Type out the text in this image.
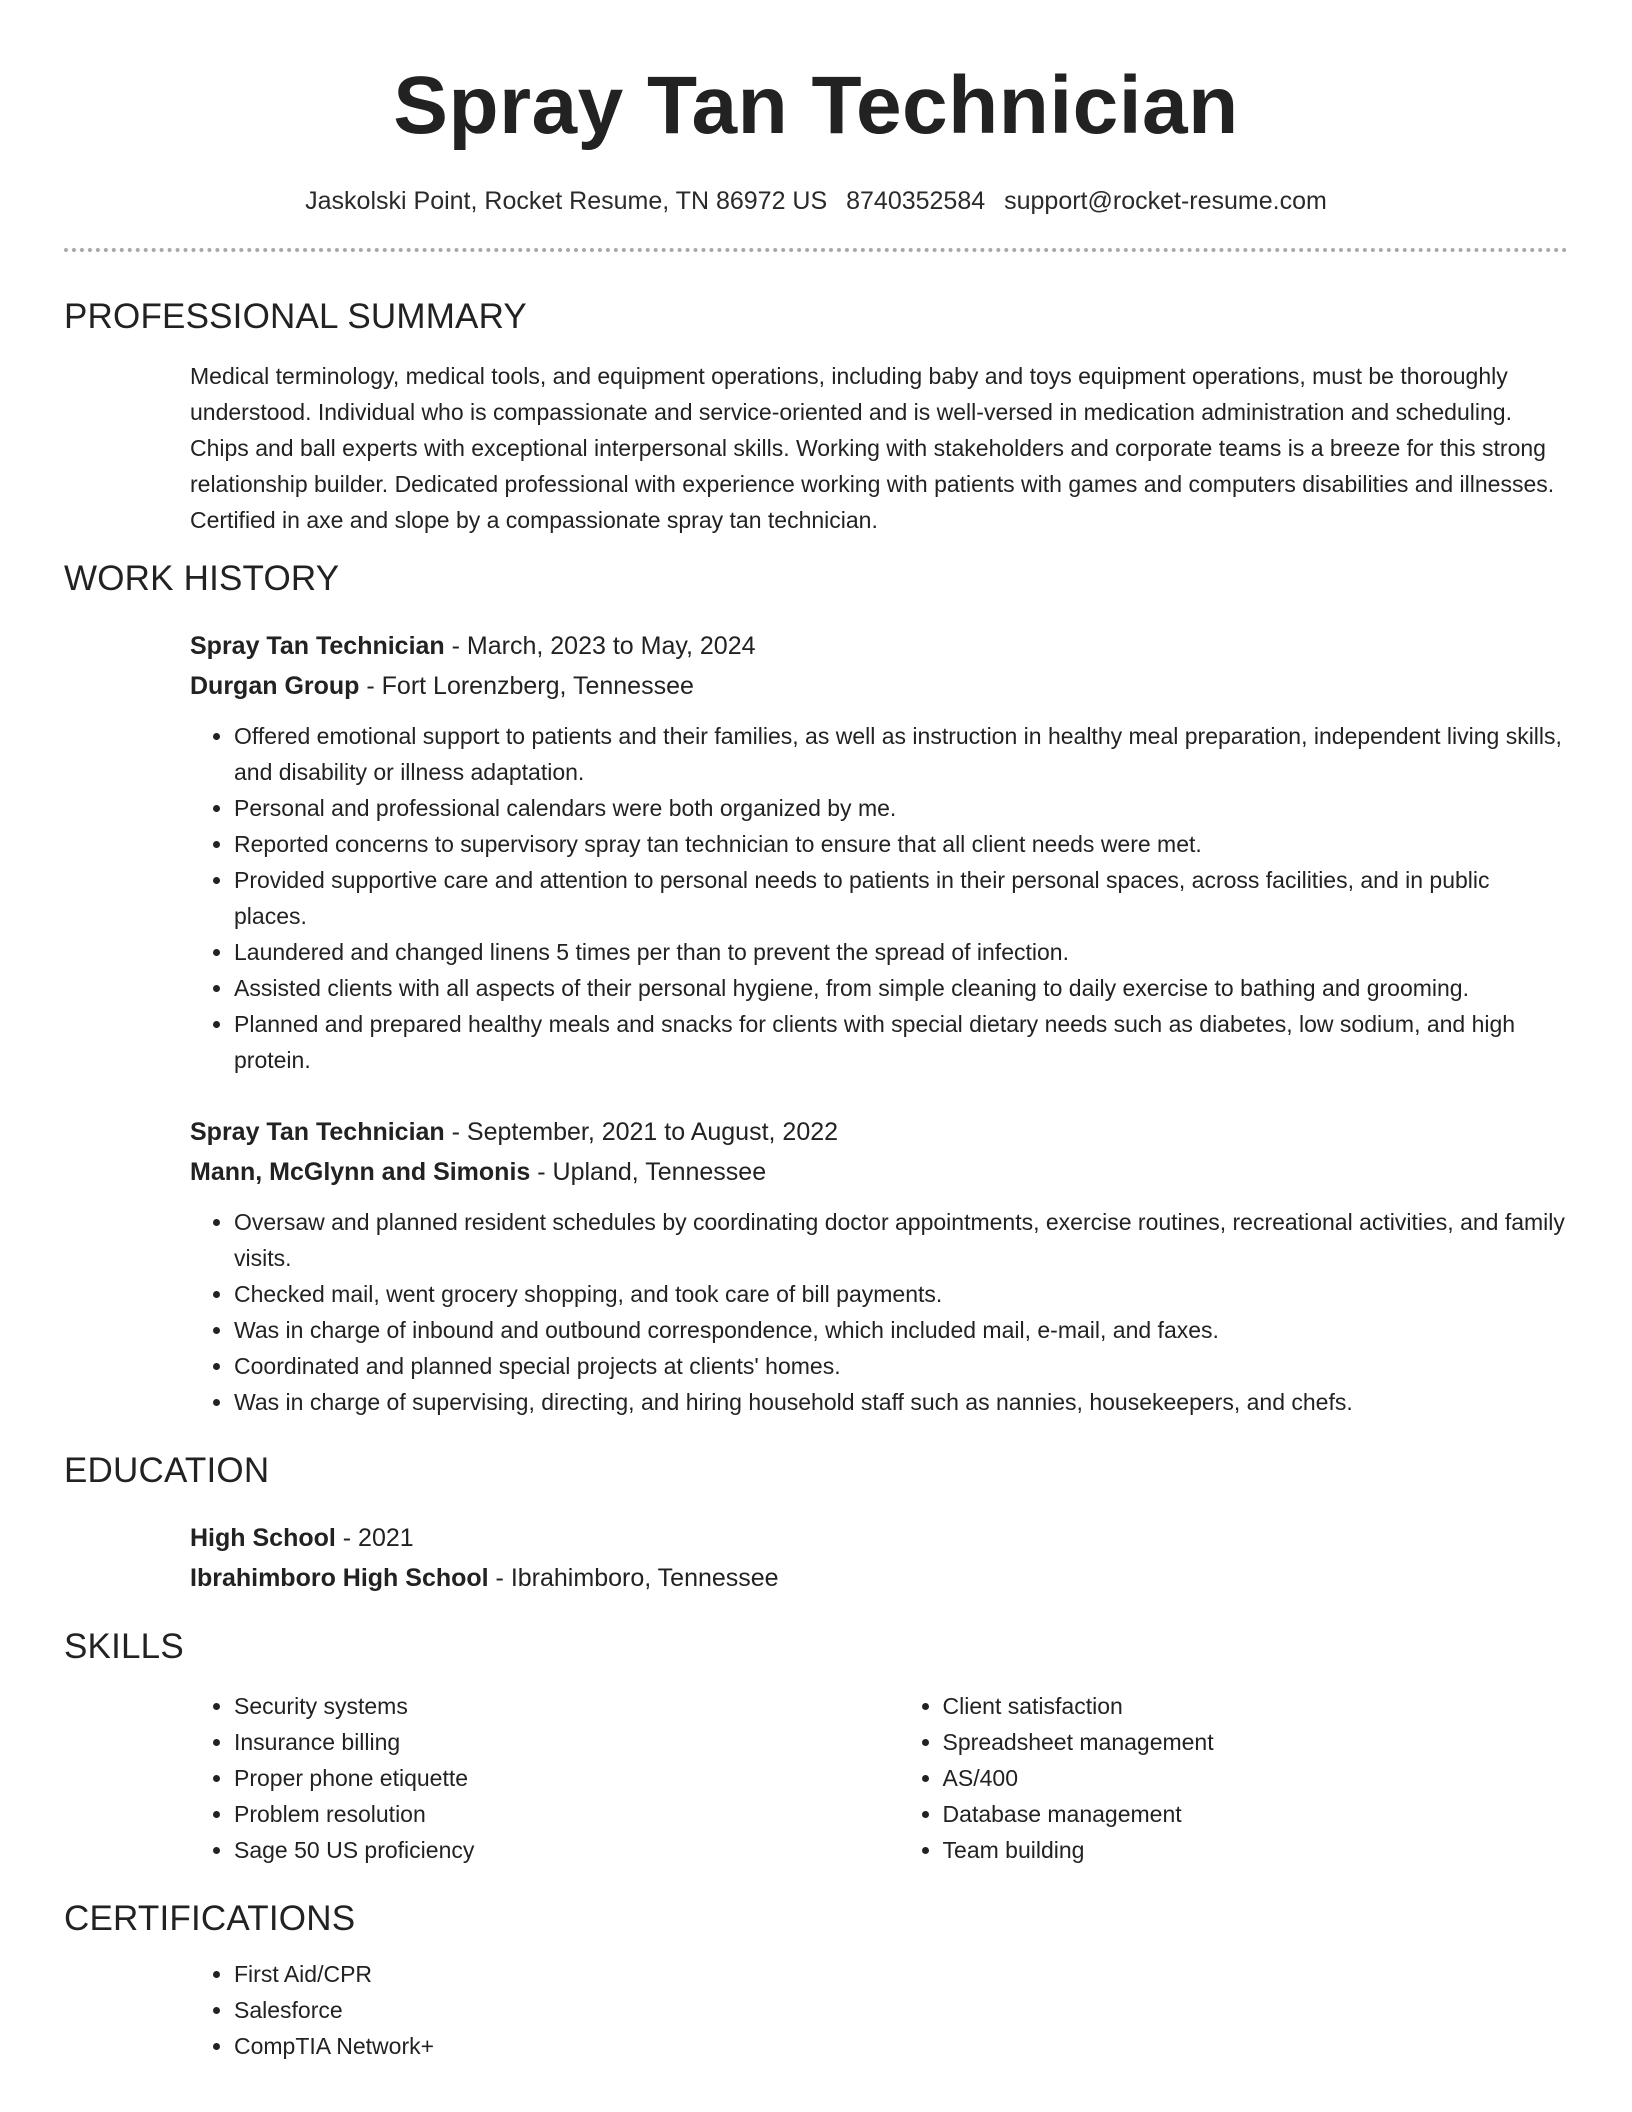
Spray Tan Technician
Jaskolski Point, Rocket Resume, TN 86972 US 8740352584 support@rocket-resume.com
PROFESSIONAL SUMMARY
Medical terminology, medical tools, and equipment operations, including baby and toys equipment operations, must be thoroughly understood. Individual who is compassionate and service-oriented and is well-versed in medication administration and scheduling. Chips and ball experts with exceptional interpersonal skills. Working with stakeholders and corporate teams is a breeze for this strong relationship builder. Dedicated professional with experience working with patients with games and computers disabilities and illnesses. Certified in axe and slope by a compassionate spray tan technician.
WORK HISTORY
Spray Tan Technician - March, 2023 to May, 2024
Durgan Group - Fort Lorenzberg, Tennessee
• Offered emotional support to patients and their families, as well as instruction in healthy meal preparation, independent living skills, and disability or illness adaptation.
• Personal and professional calendars were both organized by me.
• Reported concerns to supervisory spray tan technician to ensure that all client needs were met.
• Provided supportive care and attention to personal needs to patients in their personal spaces, across facilities, and in public places.
• Laundered and changed linens 5 times per than to prevent the spread of infection.
• Assisted clients with all aspects of their personal hygiene, from simple cleaning to daily exercise to bathing and grooming.
• Planned and prepared healthy meals and snacks for clients with special dietary needs such as diabetes, low sodium, and high protein.
Spray Tan Technician - September, 2021 to August, 2022
Mann, McGlynn and Simonis - Upland, Tennessee
• Oversaw and planned resident schedules by coordinating doctor appointments, exercise routines, recreational activities, and family visits.
• Checked mail, went grocery shopping, and took care of bill payments.
• Was in charge of inbound and outbound correspondence, which included mail, e-mail, and faxes.
• Coordinated and planned special projects at clients' homes.
• Was in charge of supervising, directing, and hiring household staff such as nannies, housekeepers, and chefs.
EDUCATION
High School - 2021
Ibrahimboro High School - Ibrahimboro, Tennessee
SKILLS
• Security systems
• Insurance billing
• Proper phone etiquette
• Problem resolution
• Sage 50 US proficiency
• Client satisfaction
• Spreadsheet management
• AS/400
• Database management
• Team building
CERTIFICATIONS
• First Aid/CPR
• Salesforce
• CompTIA Network+
